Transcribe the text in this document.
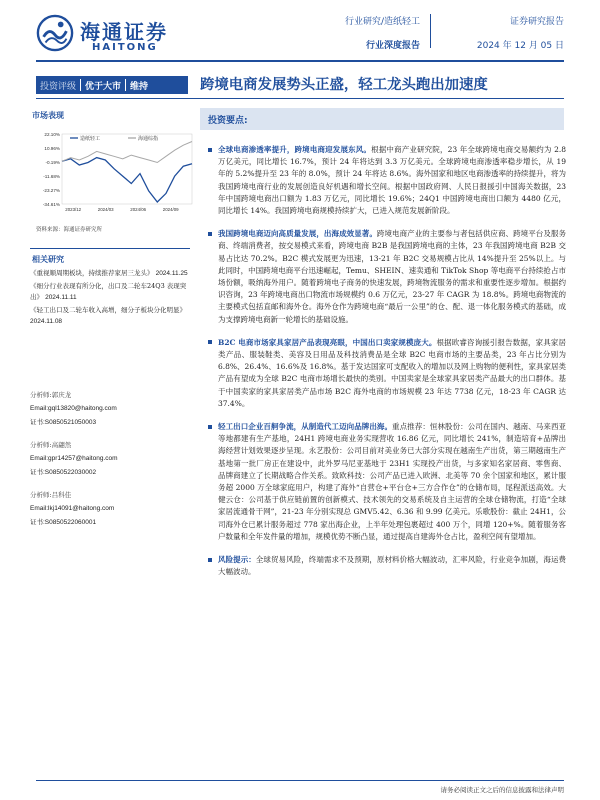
海通证券
HAITONG
行业研究/造纸轻工
行业深度报告
证券研究报告
2024 年 12 月 05 日
投资评级	优于大市	维持	跨境电商发展势头正盛，轻工龙头跑出加速度
市场表现
22.10%
10.96%
-0.19%
-11.68%
-23.27%
-34.61%
2023/12	2024/03	2024/06	2024/09
造纸轻工	海通综指
资料来源：海通证券研究所
相关研究
《重视顺周期板块，持续推荐家居三龙头》 2024.11.25
《细分行业表现有所分化，出口及二轮车24Q3 表现突出》 2024.11.11
《轻工出口及二轮车收入高增，细分子板块分化明显》 2024.11.08
分析师:郭庆龙
Email:gql13820@haitong.com
证书:S0850521050003
分析师:高翩然
Email:gpr14257@haitong.com
证书:S0850522030002
分析师:吕科佳
Email:lkj14091@haitong.com
证书:S0850522060001
投资要点:
全球电商渗透率提升，跨境电商迎发展东风。根据中商产业研究院，23 年全球跨境电商交易额约为 2.8 万亿美元，同比增长 16.7%，预计 24 年将达到 3.3 万亿美元。全球跨境电商渗透率稳步增长，从 19 年的 5.2%提升至 23 年的 8.0%，预计 24 年将达 8.6%。海外国家和地区电商渗透率的持续提升，将为我国跨境电商行业的发展创造良好机遇和增长空间。根据中国政府网、人民日报援引中国海关数据，23 年中国跨境电商出口额为 1.83 万亿元，同比增长 19.6%；24Q1 中国跨境电商出口额为 4480 亿元，同比增长 14%。我国跨境电商规模持续扩大，已进入规范发展新阶段。
我国跨境电商迈向高质量发展，出海成效显著。跨境电商产业的主要参与者包括供应商、跨境平台及服务商、终端消费者，按交易模式来看，跨境电商 B2B 是我国跨境电商的主体，23 年我国跨境电商 B2B 交易占比达 70.2%。B2C 模式发展更为迅速，13-21 年 B2C 交易规模占比从 14%提升至 25%以上。与此同时，中国跨境电商平台迅速崛起，Temu、SHEIN、速卖通和 TikTok Shop 等电商平台持续抢占市场份额，吸纳海外用户。随着跨境电子商务的快速发展，跨境物流服务的需求和重要性逐步增加。根据约识咨询，23 年跨境电商出口物流市场规模约 0.6 万亿元，23-27 年 CAGR 为 18.8%。跨境电商物流的主要模式包括直邮和海外仓。海外仓作为跨境电商“最后一公里”的仓、配、退一体化服务模式的基础，成为支撑跨境电商新一轮增长的基础设施。
B2C 电商市场家具家居产品表现亮眼，中国出口卖家规模庞大。根据欧睿咨询援引报告数据，家具家居类产品、服装鞋类、美容及日用品及科技消费品是全球 B2C 电商市场的主要品类，23 年占比分别为 6.8%、26.4%、16.6%及 16.8%。基于发达国家可支配收入的增加以及网上购物的便利性，家具家居类产品有望成为全球 B2C 电商市场增长最快的类别。中国卖家是全球家具家居类产品最大的出口群体。基于中国卖家的家具家居类产品市场 B2C 海外电商的市场规模 23 年达 7738 亿元，18-23 年 CAGR 达 37.4%。
轻工出口企业百舸争流，从制造代工迈向品牌出海。重点推荐：恒林股份：公司在国内、越南、马来西亚等地都建有生产基地，24H1 跨境电商业务实现营收 16.86 亿元，同比增长 241%，制造培育+品牌出海经营计划效果逐步呈现。永艺股份：公司目前对美业务已大部分实现在越南生产出货，第三期越南生产基地第一批厂房正在建设中，此外罗马尼亚基地于 23H1 实现投产出货，与多家知名家居商、零售商、品牌商建立了长期战略合作关系。致欧科技：公司产品已进入欧洲、北美等 70 余个国家和地区，累计服务超 2000 万全球家庭用户，构建了海外“自营仓+平台仓+三方合作仓”的仓储布局，尾程派送高效。大健云仓：公司基于供应链前置的创新模式、技术领先的交易系统及自主运营的全球仓储物流，打造“全球家居流通骨干网”，21-23 年分别实现总 GMV5.42、6.36 和 9.99 亿美元。乐歌股份：截止 24H1，公司海外仓已累计服务超过 778 家出海企业，上半年处理包裹超过 400 万个，同增 120+%。随着服务客户数量和全年发件量的增加，规模优势不断凸显，通过提高自建海外仓占比，盈利空间有望增加。
风险提示：全球贸易风险，终端需求不及预期，原材料价格大幅波动，汇率风险，行业竞争加剧，海运费大幅波动。
请务必阅读正文之后的信息披露和法律声明
